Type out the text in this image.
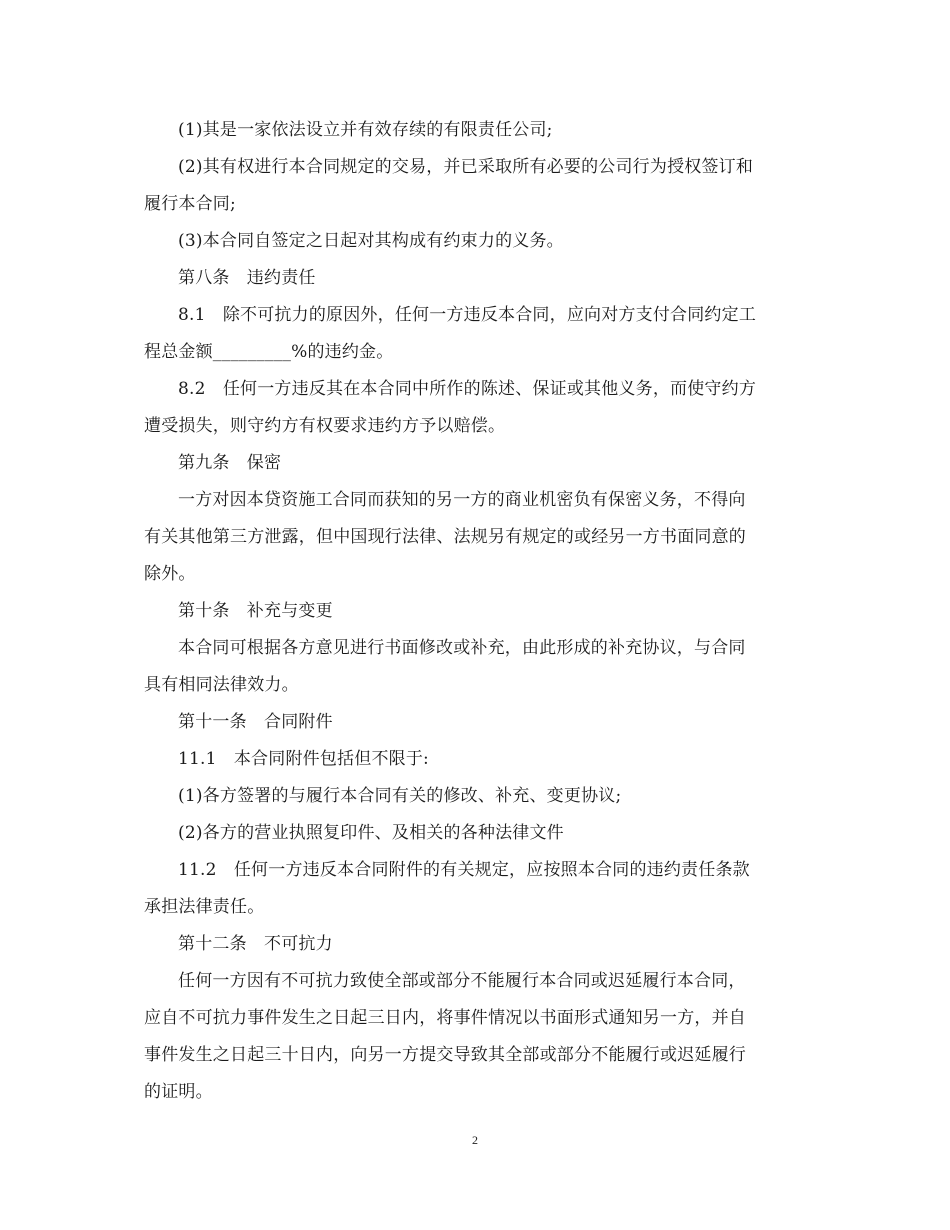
(1)其是一家依法设立并有效存续的有限责任公司;
(2)其有权进行本合同规定的交易，并已采取所有必要的公司行为授权签订和
履行本合同;
(3)本合同自签定之日起对其构成有约束力的义务。
第八条　违约责任
8.1　除不可抗力的原因外，任何一方违反本合同，应向对方支付合同约定工
程总金额_________%的违约金。
8.2　任何一方违反其在本合同中所作的陈述、保证或其他义务，而使守约方
遭受损失，则守约方有权要求违约方予以赔偿。
第九条　保密
一方对因本贷资施工合同而获知的另一方的商业机密负有保密义务，不得向
有关其他第三方泄露，但中国现行法律、法规另有规定的或经另一方书面同意的
除外。
第十条　补充与变更
本合同可根据各方意见进行书面修改或补充，由此形成的补充协议，与合同
具有相同法律效力。
第十一条　合同附件
11.1　本合同附件包括但不限于:
(1)各方签署的与履行本合同有关的修改、补充、变更协议;
(2)各方的营业执照复印件、及相关的各种法律文件
11.2　任何一方违反本合同附件的有关规定，应按照本合同的违约责任条款
承担法律责任。
第十二条　不可抗力
任何一方因有不可抗力致使全部或部分不能履行本合同或迟延履行本合同，
应自不可抗力事件发生之日起三日内，将事件情况以书面形式通知另一方，并自
事件发生之日起三十日内，向另一方提交导致其全部或部分不能履行或迟延履行
的证明。
2
